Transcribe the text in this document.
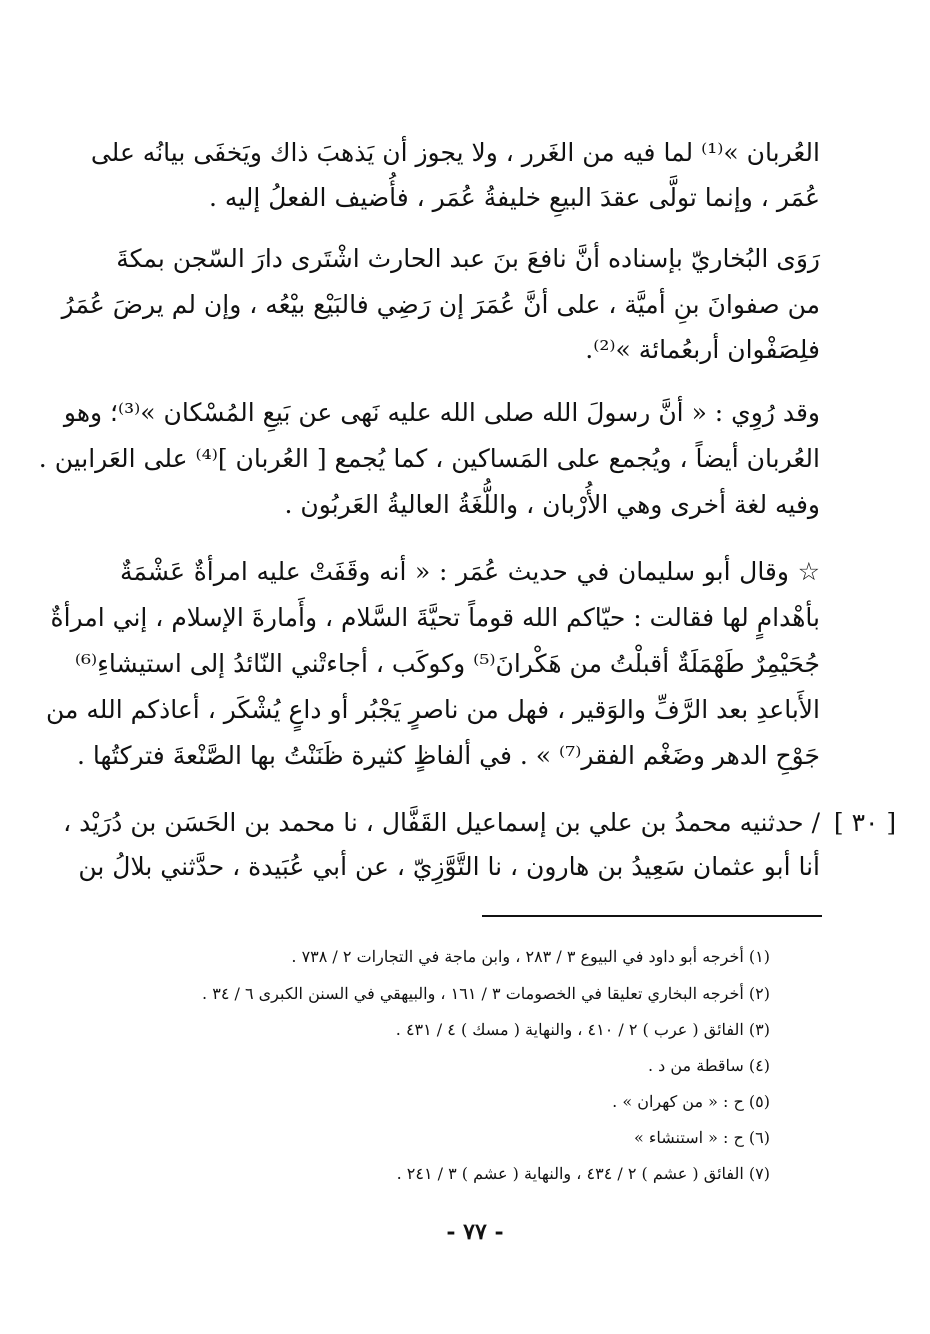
العُربان »⁽¹⁾ لما فيه من الغَرر ، ولا يجوز أن يَذهبَ ذاك ويَخفَى بيانُه على
عُمَر ، وإنما تولَّى عقدَ البيعِ خليفةُ عُمَر ، فأُضيف الفعلُ إليه .
رَوَى البُخاريّ بإسناده أنَّ نافعَ بنَ عبد الحارث اشْتَرى دارَ السّجن بمكةَ
من صفوانَ بنِ أميَّة ، على أنَّ عُمَرَ إن رَضِي فالبَيْع بيْعُه ، وإن لم يرضَ عُمَرُ
فلِصَفْوان أربعُمائة »⁽²⁾.
وقد رُوِي : « أنَّ رسولَ الله صلى الله عليه نَهى عن بَيعِ المُسْكان »⁽³⁾؛ وهو
العُربان أيضاً ، ويُجمع على المَساكين ، كما يُجمع [ العُربان ]⁽⁴⁾ على العَرابين .
وفيه لغة أخرى وهي الأُرْبان ، واللُّغَةُ العاليةُ العَربُون .
☆ وقال أبو سليمان في حديث عُمَر : « أنه وقَفَتْ عليه امرأةٌ عَشْمَةٌ
بأهْدامٍ لها فقالت : حيّاكم الله قوماً تحيَّةَ السَّلام ، وأَمارةَ الإسلام ، إني امرأةٌ
جُحَيْمِرٌ طَهْمَلَةٌ أقبلْتُ من هَكْرانَ⁽⁵⁾ وكوكَب ، أجاءتْني النّائدُ إلى استيشاءِ⁽⁶⁾
الأَباعدِ بعد الرَّفِّ والوَقير ، فهل من ناصرٍ يَجْبُر أو داعٍ يُشْكَر ، أعاذكم الله من
جَوْحِ الدهر وضَغْم الفقر⁽⁷⁾ » . في ألفاظٍ كثيرة ظَنَنْتُ بها الصَّنْعةَ فتركتُها .
/ حدثنيه محمدُ بن علي بن إسماعيل القَفَّال ، نا محمد بن الحَسَن بن دُرَيْد ، [ ٣٠ ]
أنا أبو عثمان سَعِيدُ بن هارون ، نا التَّوَّزِيّ ، عن أبي عُبَيدة ، حدَّثني بلالُ بن
(١) أخرجه أبو داود في البيوع ٣ / ٢٨٣ ، وابن ماجة في التجارات ٢ / ٧٣٨ .
(٢) أخرجه البخاري تعليقا في الخصومات ٣ / ١٦١ ، والبيهقي في السنن الكبرى ٦ / ٣٤ .
(٣) الفائق ( عرب ) ٢ / ٤١٠ ، والنهاية ( مسك ) ٤ / ٤٣١ .
(٤) ساقطة من د .
(٥) ح : « من كهران » .
(٦) ح : « استنشاء »
(٧) الفائق ( عشم ) ٢ / ٤٣٤ ، والنهاية ( عشم ) ٣ / ٢٤١ .
- ٧٧ -
